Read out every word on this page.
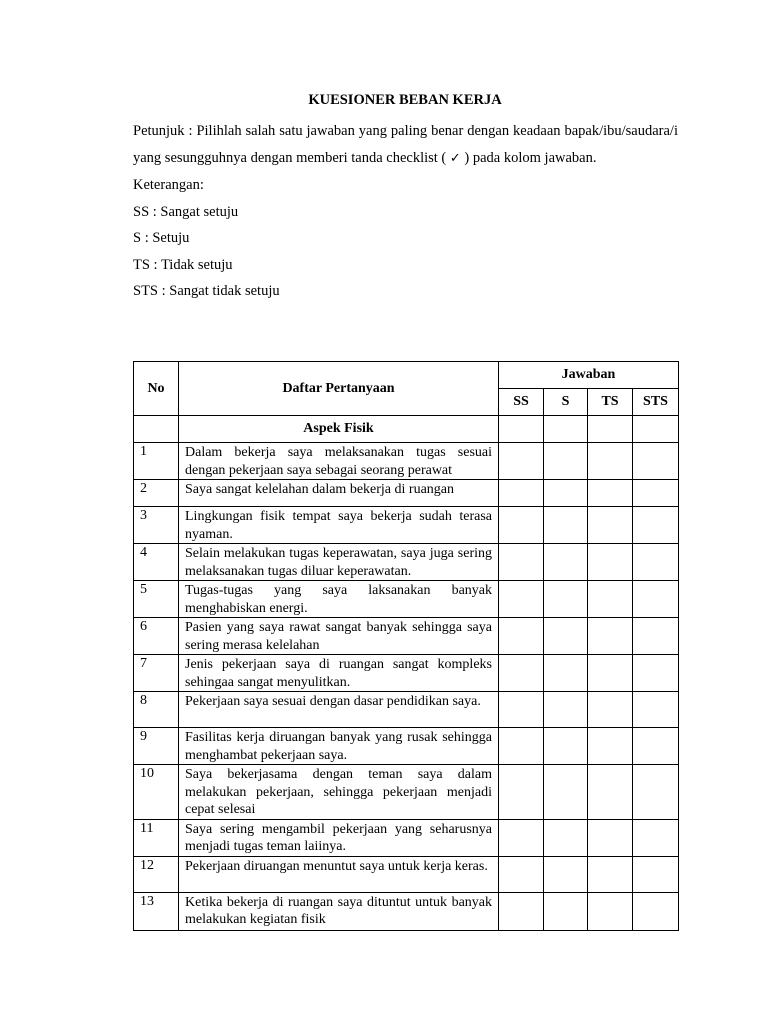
KUESIONER BEBAN KERJA

Petunjuk : Pilihlah salah satu jawaban yang paling benar dengan keadaan bapak/ibu/saudara/i yang sesungguhnya dengan memberi tanda checklist ( ✓ ) pada kolom jawaban.

Keterangan:

SS : Sangat setuju

S : Setuju

TS : Tidak setuju

STS : Sangat tidak setuju

No	Daftar Pertanyaan	Jawaban			
		SS	S	TS	STS
	Aspek Fisik				
1	Dalam bekerja saya melaksanakan tugas sesuai dengan pekerjaan saya sebagai seorang perawat				
2	Saya sangat kelelahan dalam bekerja di ruangan				
3	Lingkungan fisik tempat saya bekerja sudah terasa nyaman.				
4	Selain melakukan tugas keperawatan, saya juga sering melaksanakan tugas diluar keperawatan.				
5	Tugas-tugas yang saya laksanakan banyak menghabiskan energi.				
6	Pasien yang saya rawat sangat banyak sehingga saya sering merasa kelelahan				
7	Jenis pekerjaan saya di ruangan sangat kompleks sehingaa sangat menyulitkan.				
8	Pekerjaan saya sesuai dengan dasar pendidikan saya.				
9	Fasilitas kerja diruangan banyak yang rusak sehingga menghambat pekerjaan saya.				
10	Saya bekerjasama dengan teman saya dalam melakukan pekerjaan, sehingga pekerjaan menjadi cepat selesai				
11	Saya sering mengambil pekerjaan yang seharusnya menjadi tugas teman laiinya.				
12	Pekerjaan diruangan menuntut saya untuk kerja keras.				
13	Ketika bekerja di ruangan saya dituntut untuk banyak melakukan kegiatan fisik				
